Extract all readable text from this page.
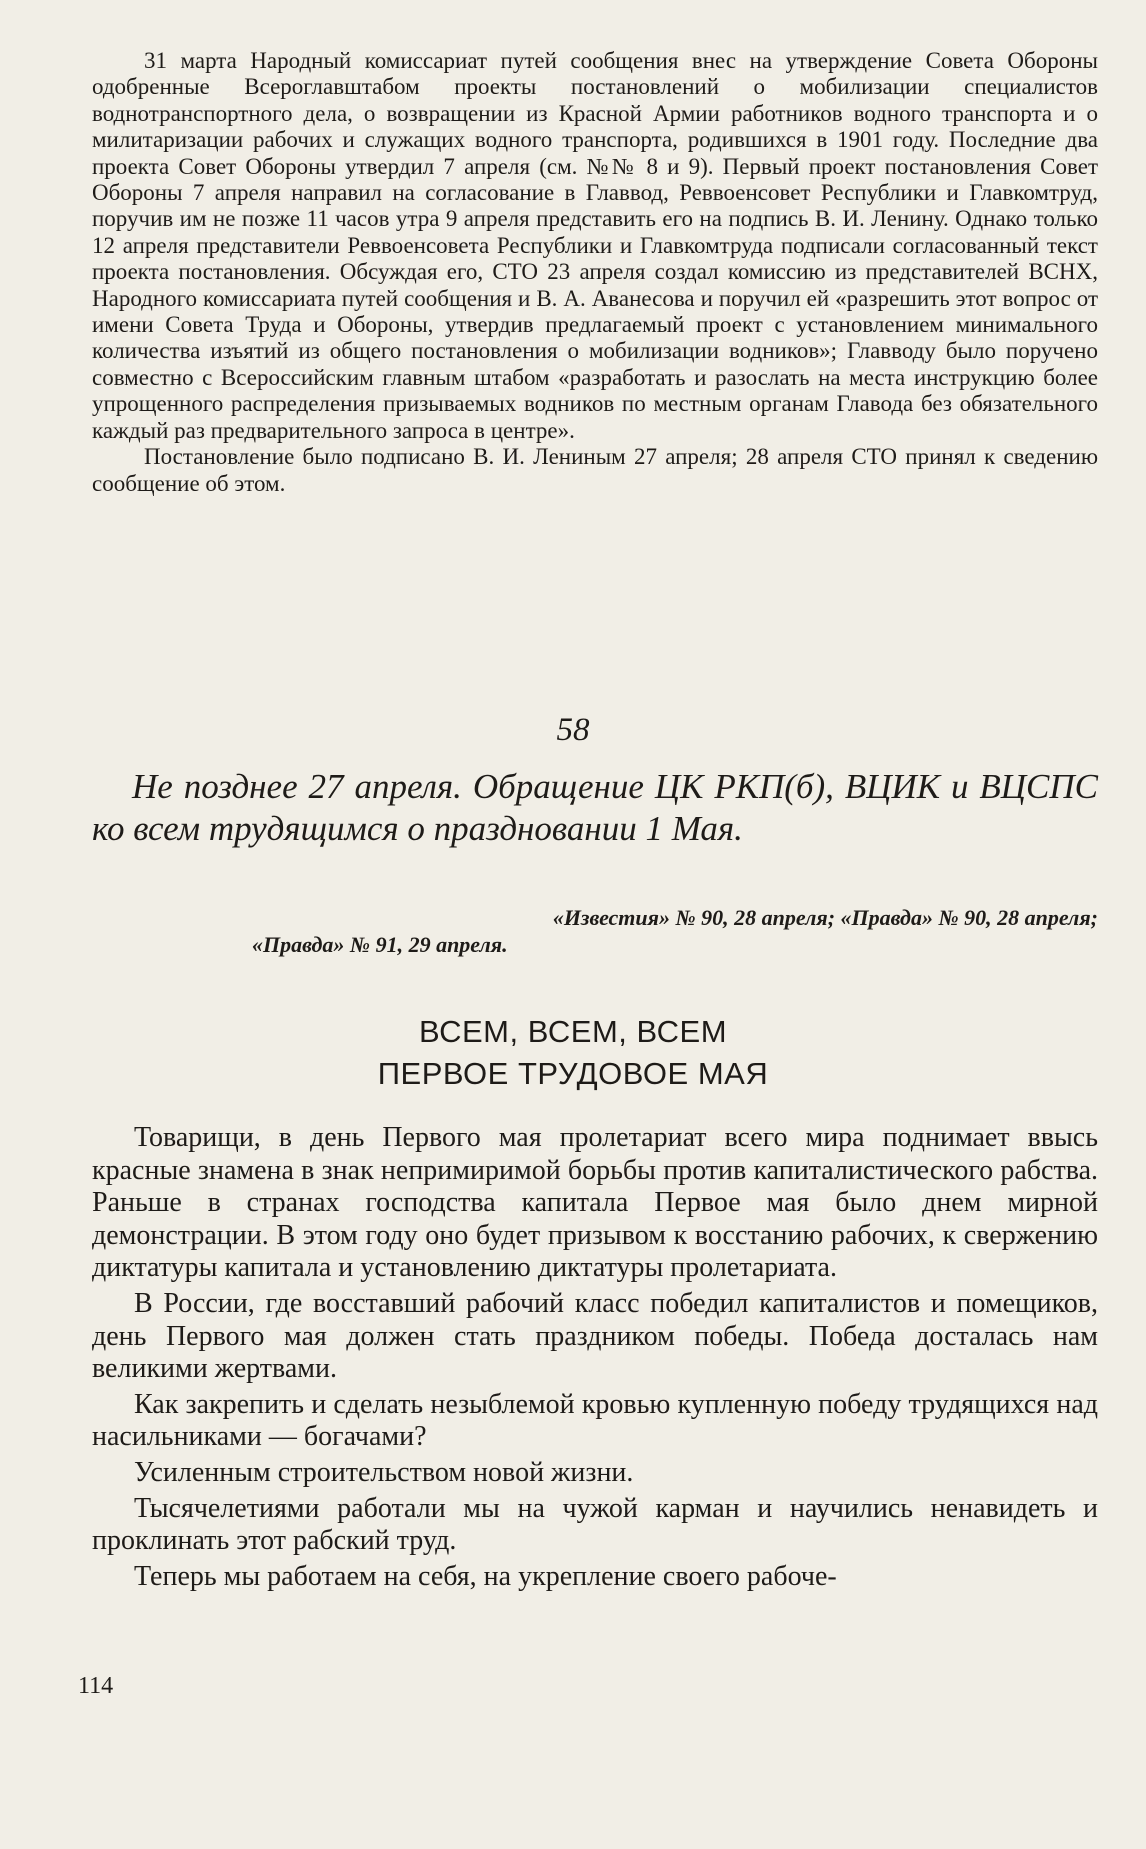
31 марта Народный комиссариат путей сообщения внес на утверждение Совета Обороны одобренные Всероглавштабом проекты постановлений о мобилизации специалистов воднотранспортного дела, о возвращении из Красной Армии работников водного транспорта и о милитаризации рабочих и служащих водного транспорта, родившихся в 1901 году. Последние два проекта Совет Обороны утвердил 7 апреля (см. №№ 8 и 9). Первый проект постановления Совет Обороны 7 апреля направил на согласование в Главвод, Реввоенсовет Республики и Главкомтруд, поручив им не позже 11 часов утра 9 апреля представить его на подпись В. И. Ленину. Однако только 12 апреля представители Реввоенсовета Республики и Главкомтруда подписали согласованный текст проекта постановления. Обсуждая его, СТО 23 апреля создал комиссию из представителей ВСНХ, Народного комиссариата путей сообщения и В. А. Аванесова и поручил ей «разрешить этот вопрос от имени Совета Труда и Обороны, утвердив предлагаемый проект с установлением минимального количества изъятий из общего постановления о мобилизации водников»; Главводу было поручено совместно с Всероссийским главным штабом «разработать и разослать на места инструкцию более упрощенного распределения призываемых водников по местным органам Главода без обязательного каждый раз предварительного запроса в центре».

Постановление было подписано В. И. Лениным 27 апреля; 28 апреля СТО принял к сведению сообщение об этом.

58
Не позднее 27 апреля. Обращение ЦК РКП(б), ВЦИК и ВЦСПС ко всем трудящимся о праздновании 1 Мая.
«Известия» № 90, 28 апреля; «Правда» № 90, 28 апреля;
«Правда» № 91, 29 апреля.
ВСЕМ, ВСЕМ, ВСЕМ
ПЕРВОЕ ТРУДОВОЕ МАЯ

Товарищи, в день Первого мая пролетариат всего мира поднимает ввысь красные знамена в знак непримиримой борьбы против капиталистического рабства. Раньше в странах господства капитала Первое мая было днем мирной демонстрации. В этом году оно будет призывом к восстанию рабочих, к свержению диктатуры капитала и установлению диктатуры пролетариата.

В России, где восставший рабочий класс победил капиталистов и помещиков, день Первого мая должен стать праздником победы. Победа досталась нам великими жертвами.

Как закрепить и сделать незыблемой кровью купленную победу трудящихся над насильниками — богачами?

Усиленным строительством новой жизни.

Тысячелетиями работали мы на чужой карман и научились ненавидеть и проклинать этот рабский труд.

Теперь мы работаем на себя, на укрепление своего рабоче-

114
